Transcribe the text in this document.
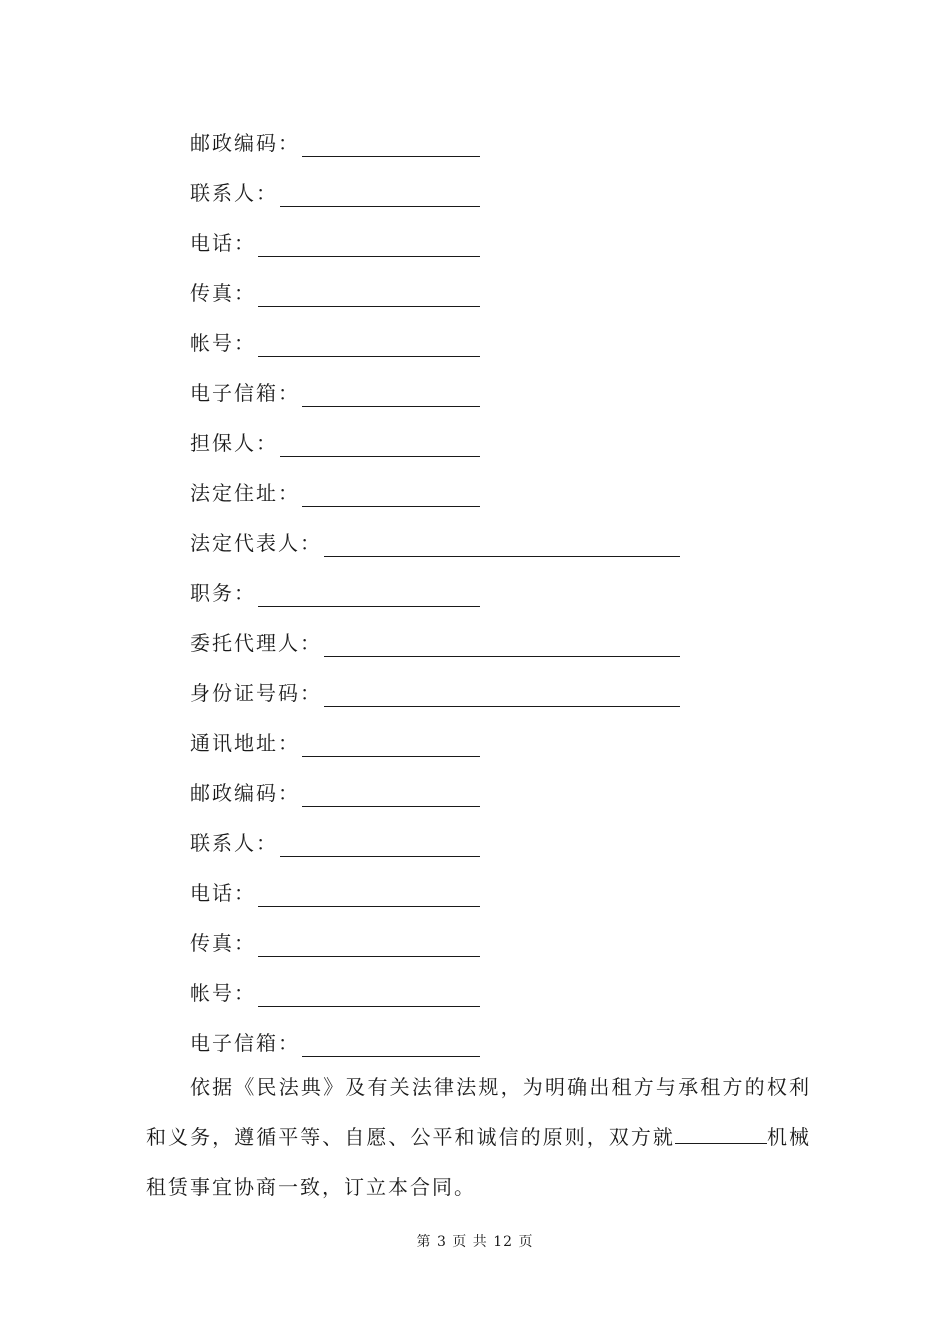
邮政编码：
联系人：
电话：
传真：
帐号：
电子信箱：
担保人：
法定住址：
法定代表人：
职务：
委托代理人：
身份证号码：
通讯地址：
邮政编码：
联系人：
电话：
传真：
帐号：
电子信箱：
依据《民法典》及有关法律法规，为明确出租方与承租方的权利和义务，遵循平等、自愿、公平和诚信的原则，双方就	机械租赁事宜协商一致，订立本合同。
第 3 页 共 12 页
